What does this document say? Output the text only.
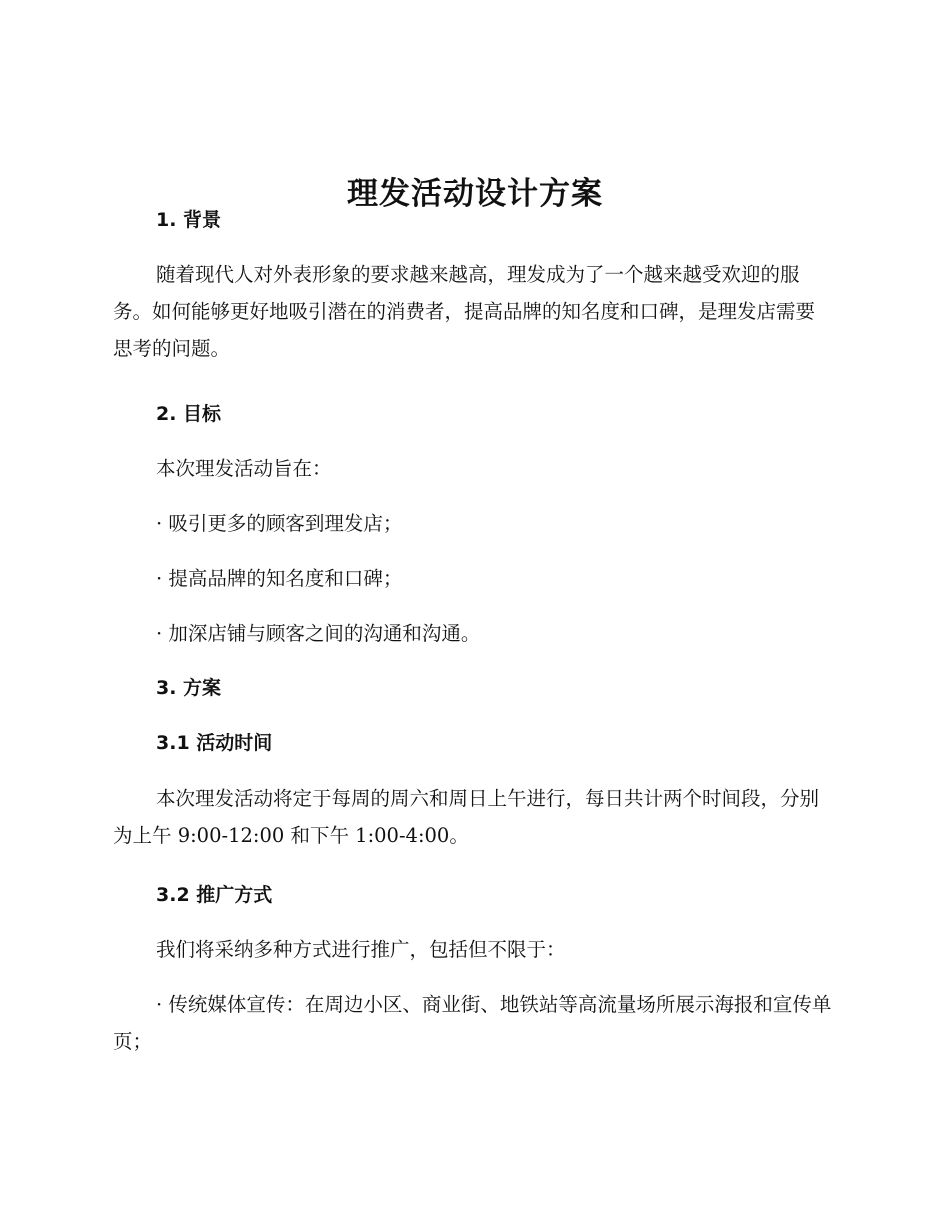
理发活动设计方案

1. 背景

随着现代人对外表形象的要求越来越高，理发成为了一个越来越受欢迎的服务。如何能够更好地吸引潜在的消费者，提高品牌的知名度和口碑，是理发店需要思考的问题。

2. 目标

本次理发活动旨在：

· 吸引更多的顾客到理发店；

· 提高品牌的知名度和口碑；

· 加深店铺与顾客之间的沟通和沟通。

3. 方案

3.1 活动时间

本次理发活动将定于每周的周六和周日上午进行，每日共计两个时间段，分别为上午 9:00-12:00 和下午 1:00-4:00。

3.2 推广方式

我们将采纳多种方式进行推广，包括但不限于：

· 传统媒体宣传：在周边小区、商业街、地铁站等高流量场所展示海报和宣传单页；
